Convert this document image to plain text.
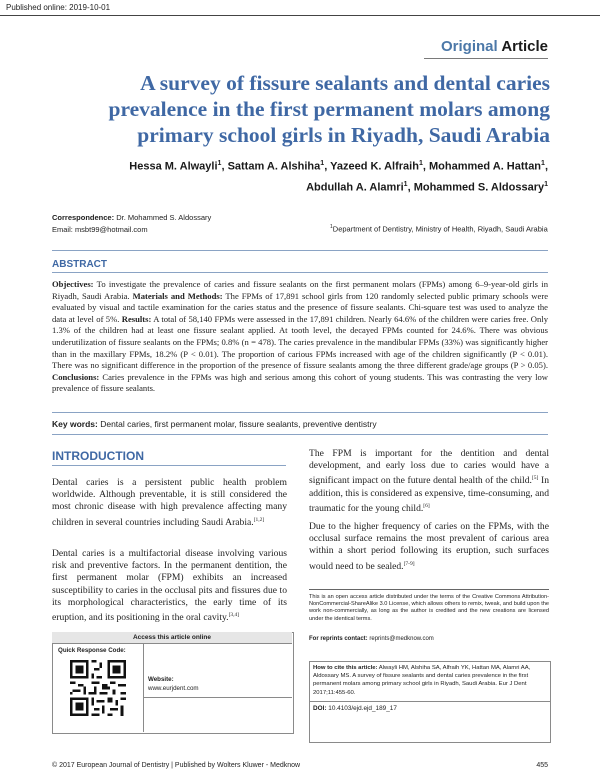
Published online: 2019-10-01
Original Article
A survey of fissure sealants and dental caries prevalence in the first permanent molars among primary school girls in Riyadh, Saudi Arabia
Hessa M. Alwayli$^1$, Sattam A. Alshiha$^1$, Yazeed K. Alfraih$^1$, Mohammed A. Hattan$^1$,
Abdullah A. Alamri$^1$, Mohammed S. Aldossary$^1$
Correspondence: Dr. Mohammed S. Aldossary
Email: msbt99@hotmail.com	$^1$Department of Dentistry, Ministry of Health, Riyadh, Saudi Arabia
ABSTRACT
Objectives: To investigate the prevalence of caries and fissure sealants on the first permanent molars (FPMs) among 6–9-year-old girls in Riyadh, Saudi Arabia. Materials and Methods: The FPMs of 17,891 school girls from 120 randomly selected public primary schools were evaluated by visual and tactile examination for the caries status and the presence of fissure sealants. Chi-square test was used to analyze the data at level of 5%. Results: A total of 58,140 FPMs were assessed in the 17,891 children. Nearly 64.6% of the children were caries free. Only 1.3% of the children had at least one fissure sealant applied. At tooth level, the decayed FPMs counted for 24.6%. There was obvious underutilization of fissure sealants on the FPMs; 0.8% (n = 478). The caries prevalence in the mandibular FPMs (33%) was significantly higher than in the maxillary FPMs, 18.2% (P < 0.01). The proportion of carious FPMs increased with age of the children significantly (P < 0.01). There was no significant difference in the proportion of the presence of fissure sealants among the three different grade/age groups (P > 0.05). Conclusions: Caries prevalence in the FPMs was high and serious among this cohort of young students. This was contrasting the very low prevalence of fissure sealants.
Key words: Dental caries, first permanent molar, fissure sealants, preventive dentistry
INTRODUCTION
Dental caries is a persistent public health problem worldwide. Although preventable, it is still considered the most chronic disease with high prevalence affecting many children in several countries including Saudi Arabia.[1,2]
Dental caries is a multifactorial disease involving various risk and preventive factors. In the permanent dentition, the first permanent molar (FPM) exhibits an increased susceptibility to caries in the occlusal pits and fissures due to its morphological characteristics, the early time of its eruption, and its positioning in the oral cavity.[3,4]
The FPM is important for the dentition and dental development, and early loss due to caries would have a significant impact on the future dental health of the child.[5] In addition, this is considered as expensive, time-consuming, and traumatic for the young child.[6]
Due to the higher frequency of caries on the FPMs, with the occlusal surface remains the most prevalent of carious area within a short period following its eruption, such surfaces would need to be sealed.[7-9]
This is an open access article distributed under the terms of the Creative Commons Attribution-NonCommercial-ShareAlike 3.0 License, which allows others to remix, tweak, and build upon the work non-commercially, as long as the author is credited and the new creations are licensed under the identical terms.
For reprints contact: reprints@medknow.com
Access this article online
Quick Response Code:
Website:
www.eurjdent.com
How to cite this article: Alwayli HM, Alshiha SA, Alfraih YK, Hattan MA, Alamri AA, Aldossary MS. A survey of fissure sealants and dental caries prevalence in the first permanent molars among primary school girls in Riyadh, Saudi Arabia. Eur J Dent 2017;11:455-60.
DOI: 10.4103/ejd.ejd_189_17
© 2017 European Journal of Dentistry | Published by Wolters Kluwer - Medknow	455
